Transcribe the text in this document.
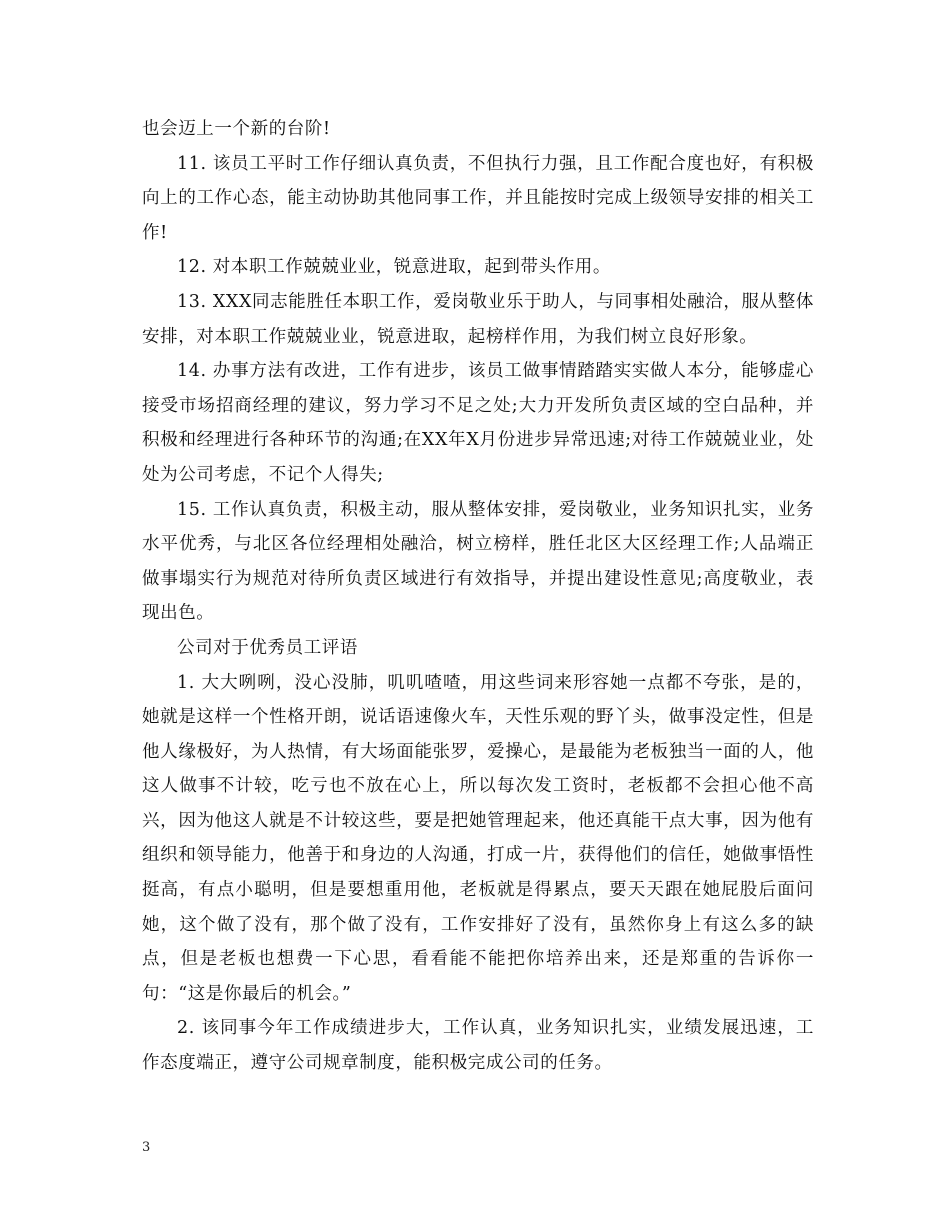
也会迈上一个新的台阶!

11. 该员工平时工作仔细认真负责，不但执行力强，且工作配合度也好，有积极向上的工作心态，能主动协助其他同事工作，并且能按时完成上级领导安排的相关工作!

12. 对本职工作兢兢业业，锐意进取，起到带头作用。

13. XXX同志能胜任本职工作，爱岗敬业乐于助人，与同事相处融洽，服从整体安排，对本职工作兢兢业业，锐意进取，起榜样作用，为我们树立良好形象。

14. 办事方法有改进，工作有进步，该员工做事情踏踏实实做人本分，能够虚心接受市场招商经理的建议，努力学习不足之处;大力开发所负责区域的空白品种，并积极和经理进行各种环节的沟通;在XX年X月份进步异常迅速;对待工作兢兢业业，处处为公司考虑，不记个人得失;

15. 工作认真负责，积极主动，服从整体安排，爱岗敬业，业务知识扎实，业务水平优秀，与北区各位经理相处融洽，树立榜样，胜任北区大区经理工作;人品端正做事塌实行为规范对待所负责区域进行有效指导，并提出建设性意见;高度敬业，表现出色。

公司对于优秀员工评语

1. 大大咧咧，没心没肺，叽叽喳喳，用这些词来形容她一点都不夸张，是的，她就是这样一个性格开朗，说话语速像火车，天性乐观的野丫头，做事没定性，但是他人缘极好，为人热情，有大场面能张罗，爱操心，是最能为老板独当一面的人，他这人做事不计较，吃亏也不放在心上，所以每次发工资时，老板都不会担心他不高兴，因为他这人就是不计较这些，要是把她管理起来，他还真能干点大事，因为他有组织和领导能力，他善于和身边的人沟通，打成一片，获得他们的信任，她做事悟性挺高，有点小聪明，但是要想重用他，老板就是得累点，要天天跟在她屁股后面问她，这个做了没有，那个做了没有，工作安排好了没有，虽然你身上有这么多的缺点，但是老板也想费一下心思，看看能不能把你培养出来，还是郑重的告诉你一句：“这是你最后的机会。”

2. 该同事今年工作成绩进步大，工作认真，业务知识扎实，业绩发展迅速，工作态度端正，遵守公司规章制度，能积极完成公司的任务。

3
